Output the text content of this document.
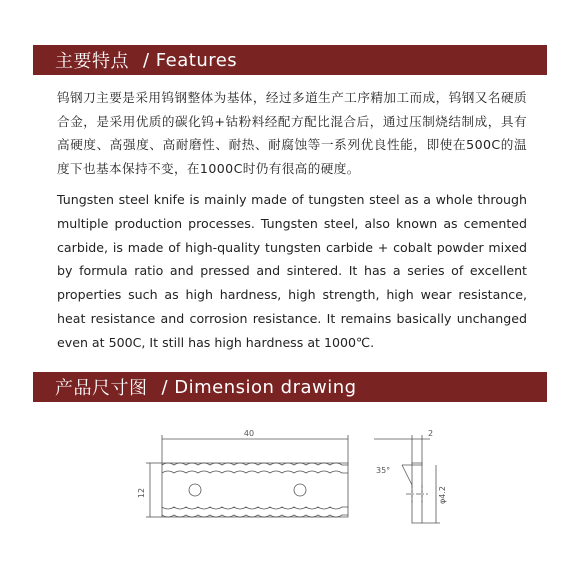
主要特点 / Features
钨钢刀主要是采用钨钢整体为基体，经过多道生产工序精加工而成，钨钢又名硬质合金，是采用优质的碳化钨+钴粉料经配方配比混合后，通过压制烧结制成，具有高硬度、高强度、高耐磨性、耐热、耐腐蚀等一系列优良性能，即使在500C的温度下也基本保持不变，在1000C时仍有很高的硬度。
Tungsten steel knife is mainly made of tungsten steel as a whole through multiple production processes. Tungsten steel, also known as cemented carbide, is made of high-quality tungsten carbide + cobalt powder mixed by formula ratio and pressed and sintered. It has a series of excellent properties such as high hardness, high strength, high wear resistance, heat resistance and corrosion resistance. It remains basically unchanged even at 500C, It still has high hardness at 1000℃.
产品尺寸图 / Dimension drawing
40
12
2
35°
φ4.2
